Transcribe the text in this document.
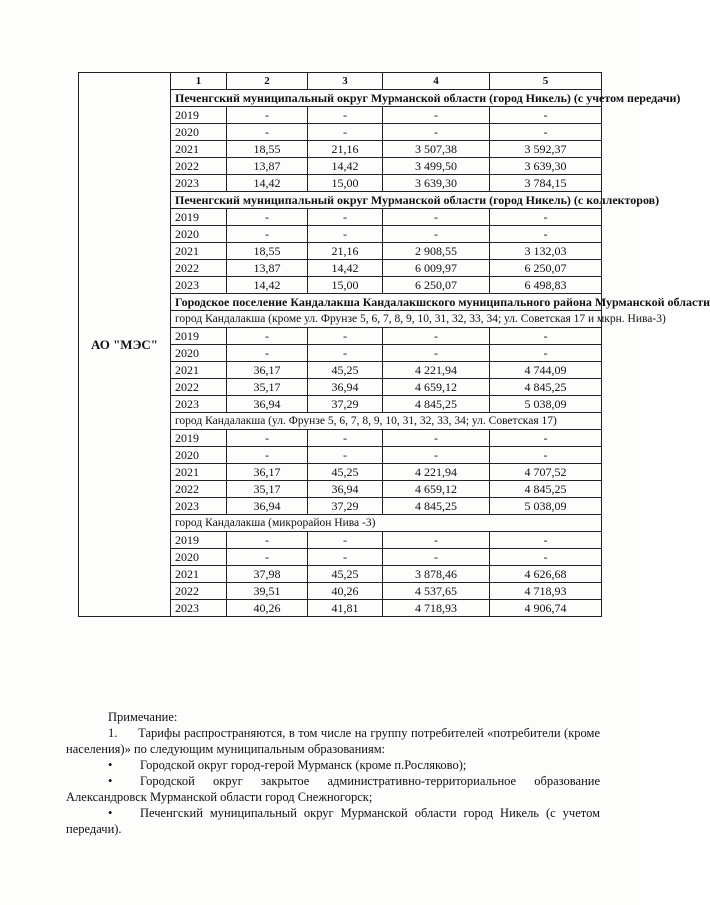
АО "МЭС"	1	2	3	4	5
	Печенгский муниципальный округ Мурманской области (город Никель) (с учетом передачи)				
	2019	-	-	-	-
	2020	-	-	-	-
	2021	18,55	21,16	3 507,38	3 592,37
	2022	13,87	14,42	3 499,50	3 639,30
	2023	14,42	15,00	3 639,30	3 784,15
	Печенгский муниципальный округ Мурманской области (город Никель) (с коллекторов)				
	2019	-	-	-	-
	2020	-	-	-	-
	2021	18,55	21,16	2 908,55	3 132,03
	2022	13,87	14,42	6 009,97	6 250,07
	2023	14,42	15,00	6 250,07	6 498,83
	Городское поселение Кандалакша Кандалакшского муниципального района Мурманской области				
	город Кандалакша (кроме ул. Фрунзе 5, 6, 7, 8, 9, 10, 31, 32, 33, 34; ул. Советская 17 и мкрн. Нива-3)				
	2019	-	-	-	-
	2020	-	-	-	-
	2021	36,17	45,25	4 221,94	4 744,09
	2022	35,17	36,94	4 659,12	4 845,25
	2023	36,94	37,29	4 845,25	5 038,09
	город Кандалакша (ул. Фрунзе 5, 6, 7, 8, 9, 10, 31, 32, 33, 34; ул. Советская 17)				
	2019	-	-	-	-
	2020	-	-	-	-
	2021	36,17	45,25	4 221,94	4 707,52
	2022	35,17	36,94	4 659,12	4 845,25
	2023	36,94	37,29	4 845,25	5 038,09
	город Кандалакша (микрорайон Нива -3)				
	2019	-	-	-	-
	2020	-	-	-	-
	2021	37,98	45,25	3 878,46	4 626,68
	2022	39,51	40,26	4 537,65	4 718,93
	2023	40,26	41,81	4 718,93	4 906,74

Примечание:

1.      Тарифы распространяются, в том числе на группу потребителей «потребители (кроме населения)» по следующим муниципальным образованиям:

• Городской округ город-герой Мурманск (кроме п.Росляково);

• Городской округ закрытое административно-территориальное образование Александровск Мурманской области город Снежногорск;

• Печенгский муниципальный округ Мурманской области город Никель (с учетом передачи).
